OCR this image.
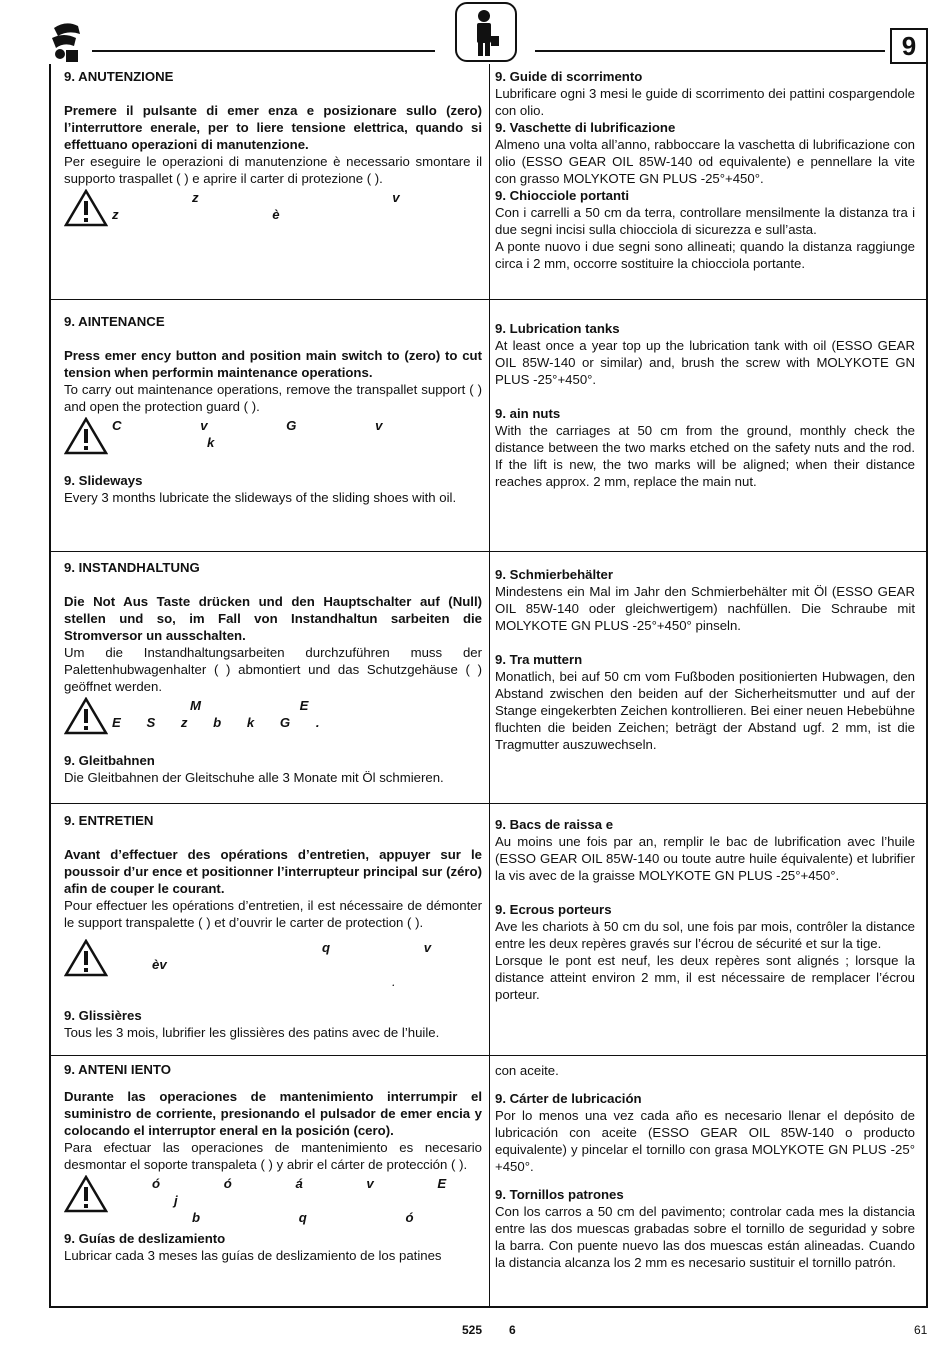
9

9. ANUTENZIONE

Premere il pulsante di emer enza e posizionare sullo (zero) l’interruttore enerale, per to liere tensione elettrica, quando si effettuano operazioni di manutenzione.

Per eseguire le operazioni di manutenzione è necessario smontare il supporto traspallet ( ) e aprire il carter di protezione ( ).

z v
z è

9. Guide di scorrimento

Lubrificare ogni 3 mesi le guide di scorrimento dei pattini cospargendole con olio.

9. Vaschette di lubrificazione

Almeno una volta all’anno, rabboccare la vaschetta di lubrificazione con olio (ESSO GEAR OIL 85W-140 od equivalente) e pennellare la vite con grasso MOLYKOTE GN PLUS -25°+450°.

9. Chiocciole portanti

Con i carrelli a 50 cm da terra, controllare mensilmente la distanza tra i due segni incisi sulla chiocciola di sicurezza e sull’asta.

A ponte nuovo i due segni sono allineati; quando la distanza raggiunge circa i 2 mm, occorre sostituire la chiocciola portante.

9. AINTENANCE

Press emer ency button and position main switch to (zero) to cut tension when performin maintenance operations.

To carry out maintenance operations, remove the transpallet support ( ) and open the protection guard ( ).

C v G v
k

9. Slideways

Every 3 months lubricate the slideways of the sliding shoes with oil.

9. Lubrication tanks

At least once a year top up the lubrication tank with oil (ESSO GEAR OIL 85W-140 or similar) and, brush the screw with MOLYKOTE GN PLUS -25°+450°.

9. ain nuts

With the carriages at 50 cm from the ground, monthly check the distance between the two marks etched on the safety nuts and the rod. If the lift is new, the two marks will be aligned; when their distance reaches approx. 2 mm, replace the main nut.

9. INSTANDHALTUNG

Die Not Aus Taste drücken und den Hauptschalter auf (Null) stellen und so, im Fall von Instandhaltun sarbeiten die Stromversor un ausschalten.

Um die Instandhaltungsarbeiten durchzuführen muss der Palettenhubwagenhalter ( ) abmontiert und das Schutzgehäuse ( ) geöffnet werden.

M E
E S z b k G .

9. Gleitbahnen

Die Gleitbahnen der Gleitschuhe alle 3 Monate mit Öl schmieren.

9. Schmierbehälter

Mindestens ein Mal im Jahr den Schmierbehälter mit Öl (ESSO GEAR OIL 85W-140 oder gleichwertigem) nachfüllen. Die Schraube mit MOLYKOTE GN PLUS -25°+450° pinseln.

9. Tra muttern

Monatlich, bei auf 50 cm vom Fußboden positionierten Hubwagen, den Abstand zwischen den beiden auf der Sicherheitsmutter und auf der Stange eingekerbten Zeichen kontrollieren. Bei einer neuen Hebebühne fluchten die beiden Zeichen; beträgt der Abstand ugf. 2 mm, ist die Tragmutter auszuwechseln.

9. ENTRETIEN

Avant d’effectuer des opérations d’entretien, appuyer sur le poussoir d’ur ence et positionner l’interrupteur principal sur (zéro) afin de couper le courant.

Pour effectuer les opérations d’entretien, il est nécessaire de démonter le support transpalette ( ) et d’ouvrir le carter de protection ( ).

q v
èv
.

9. Glissières

Tous les 3 mois, lubrifier les glissières des patins avec de l’huile.

9. Bacs de raissa e

Au moins une fois par an, remplir le bac de lubrification avec l’huile (ESSO GEAR OIL 85W-140 ou toute autre huile équivalente) et lubrifier la vis avec de la graisse MOLYKOTE GN PLUS -25°+450°.

9. Ecrous porteurs

Ave les chariots à 50 cm du sol, une fois par mois, contrôler la distance entre les deux repères gravés sur l’écrou de sécurité et sur la tige.

Lorsque le pont est neuf, les deux repères sont alignés ; lorsque la distance atteint environ 2 mm, il est nécessaire de remplacer l’écrou porteur.

9. ANTENI IENTO

Durante las operaciones de mantenimiento interrumpir el suministro de corriente, presionando el pulsador de emer encia y colocando el interruptor eneral en la posición (cero).

Para efectuar las operaciones de mantenimiento es necesario desmontar el soporte transpaleta ( ) y abrir el cárter de protección ( ).

ó ó á v E
j
b q ó

9. Guías de deslizamiento

Lubricar cada 3 meses las guías de deslizamiento de los patines

con aceite.

9. Cárter de lubricación

Por lo menos una vez cada año es necesario llenar el depósito de lubricación con aceite (ESSO GEAR OIL 85W-140 o producto equivalente) y pincelar el tornillo con grasa MOLYKOTE GN PLUS -25°+450°.

9. Tornillos patrones

Con los carros a 50 cm del pavimento; controlar cada mes la distancia entre las dos muescas grabadas sobre el tornillo de seguridad y sobre la barra. Con puente nuevo las dos muescas están alineadas. Cuando la distancia alcanza los 2 mm es necesario sustituir el tornillo patrón.

525 6	61
